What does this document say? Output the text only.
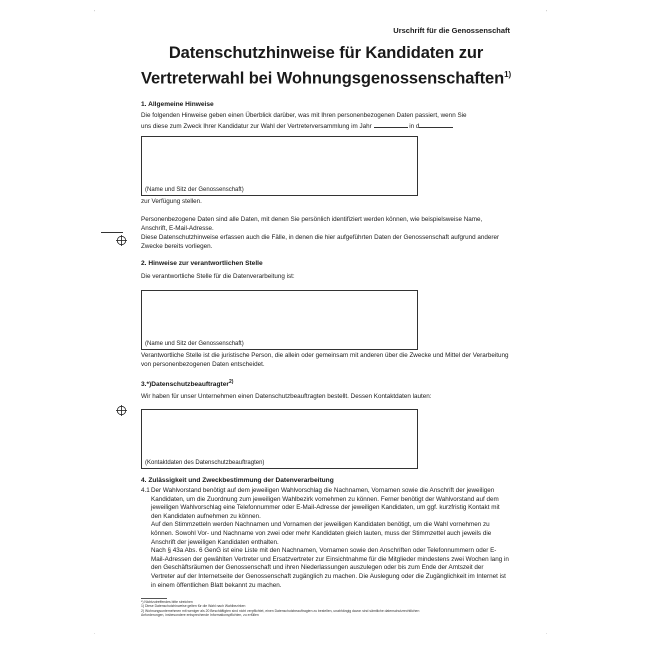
'	'
.	.
Urschrift für die Genossenschaft
Datenschutzhinweise für Kandidaten zur
Vertreterwahl bei Wohnungsgenossenschaften$^{1)}$
1. Allgemeine Hinweise
Die folgenden Hinweise geben einen Überblick darüber, was mit Ihren personenbezogenen Daten passiert, wenn Sie
uns diese zum Zweck Ihrer Kandidatur zur Wahl der Vertreterversammlung im Jahr	in d
(Name und Sitz der Genossenschaft)
zur Verfügung stellen.
Personenbezogene Daten sind alle Daten, mit denen Sie persönlich identifiziert werden können, wie beispielsweise Name, Anschrift, E-Mail-Adresse.
Diese Datenschutzhinweise erfassen auch die Fälle, in denen die hier aufgeführten Daten der Genossenschaft aufgrund anderer Zwecke bereits vorliegen.
2. Hinweise zur verantwortlichen Stelle
Die verantwortliche Stelle für die Datenverarbeitung ist:
(Name und Sitz der Genossenschaft)
Verantwortliche Stelle ist die juristische Person, die allein oder gemeinsam mit anderen über die Zwecke und Mittel der Verarbeitung von personenbezogenen Daten entscheidet.
3.*)Datenschutzbeauftragter$^{2)}$
Wir haben für unser Unternehmen einen Datenschutzbeauftragten bestellt. Dessen Kontaktdaten lauten:
(Kontaktdaten des Datenschutzbeauftragten)
4. Zulässigkeit und Zweckbestimmung der Datenverarbeitung
4.1 Der Wahlvorstand benötigt auf dem jeweiligen Wahlvorschlag die Nachnamen, Vornamen sowie die Anschrift der jeweiligen Kandidaten, um die Zuordnung zum jeweiligen Wahlbezirk vornehmen zu können. Ferner benötigt der Wahlvorstand auf dem jeweiligen Wahlvorschlag eine Telefonnummer oder E-Mail-Adresse der jeweiligen Kandidaten, um ggf. kurzfristig Kontakt mit den Kandidaten aufnehmen zu können.
Auf den Stimmzetteln werden Nachnamen und Vornamen der jeweiligen Kandidaten benötigt, um die Wahl vornehmen zu können. Sowohl Vor- und Nachname von zwei oder mehr Kandidaten gleich lauten, muss der Stimmzettel auch jeweils die Anschrift der jeweiligen Kandidaten enthalten.
Nach § 43a Abs. 6 GenG ist eine Liste mit den Nachnamen, Vornamen sowie den Anschriften oder Telefonnummern oder E-Mail-Adressen der gewählten Vertreter und Ersatzvertreter zur Einsichtnahme für die Mitglieder mindestens zwei Wochen lang in den Geschäftsräumen der Genossenschaft und ihren Niederlassungen auszulegen oder bis zum Ende der Amtszeit der Vertreter auf der Internetseite der Genossenschaft zugänglich zu machen. Die Auslegung oder die Zugänglichkeit im Internet ist in einem öffentlichen Blatt bekannt zu machen.
*) Nichtzutreffendes bitte streichen
1) Diese Datenschutzhinweise gelten für die Wahl nach Wahlbezirken
2) Wohnungsunternehmen mit weniger als 20 Beschäftigten sind nicht verpflichtet, einen Datenschutzbeauftragten zu bestellen, unabhängig davon sind sämtliche datenschutzrechtlichen
Anforderungen, insbesondere entsprechende Informationspflichten, zu erfüllen
